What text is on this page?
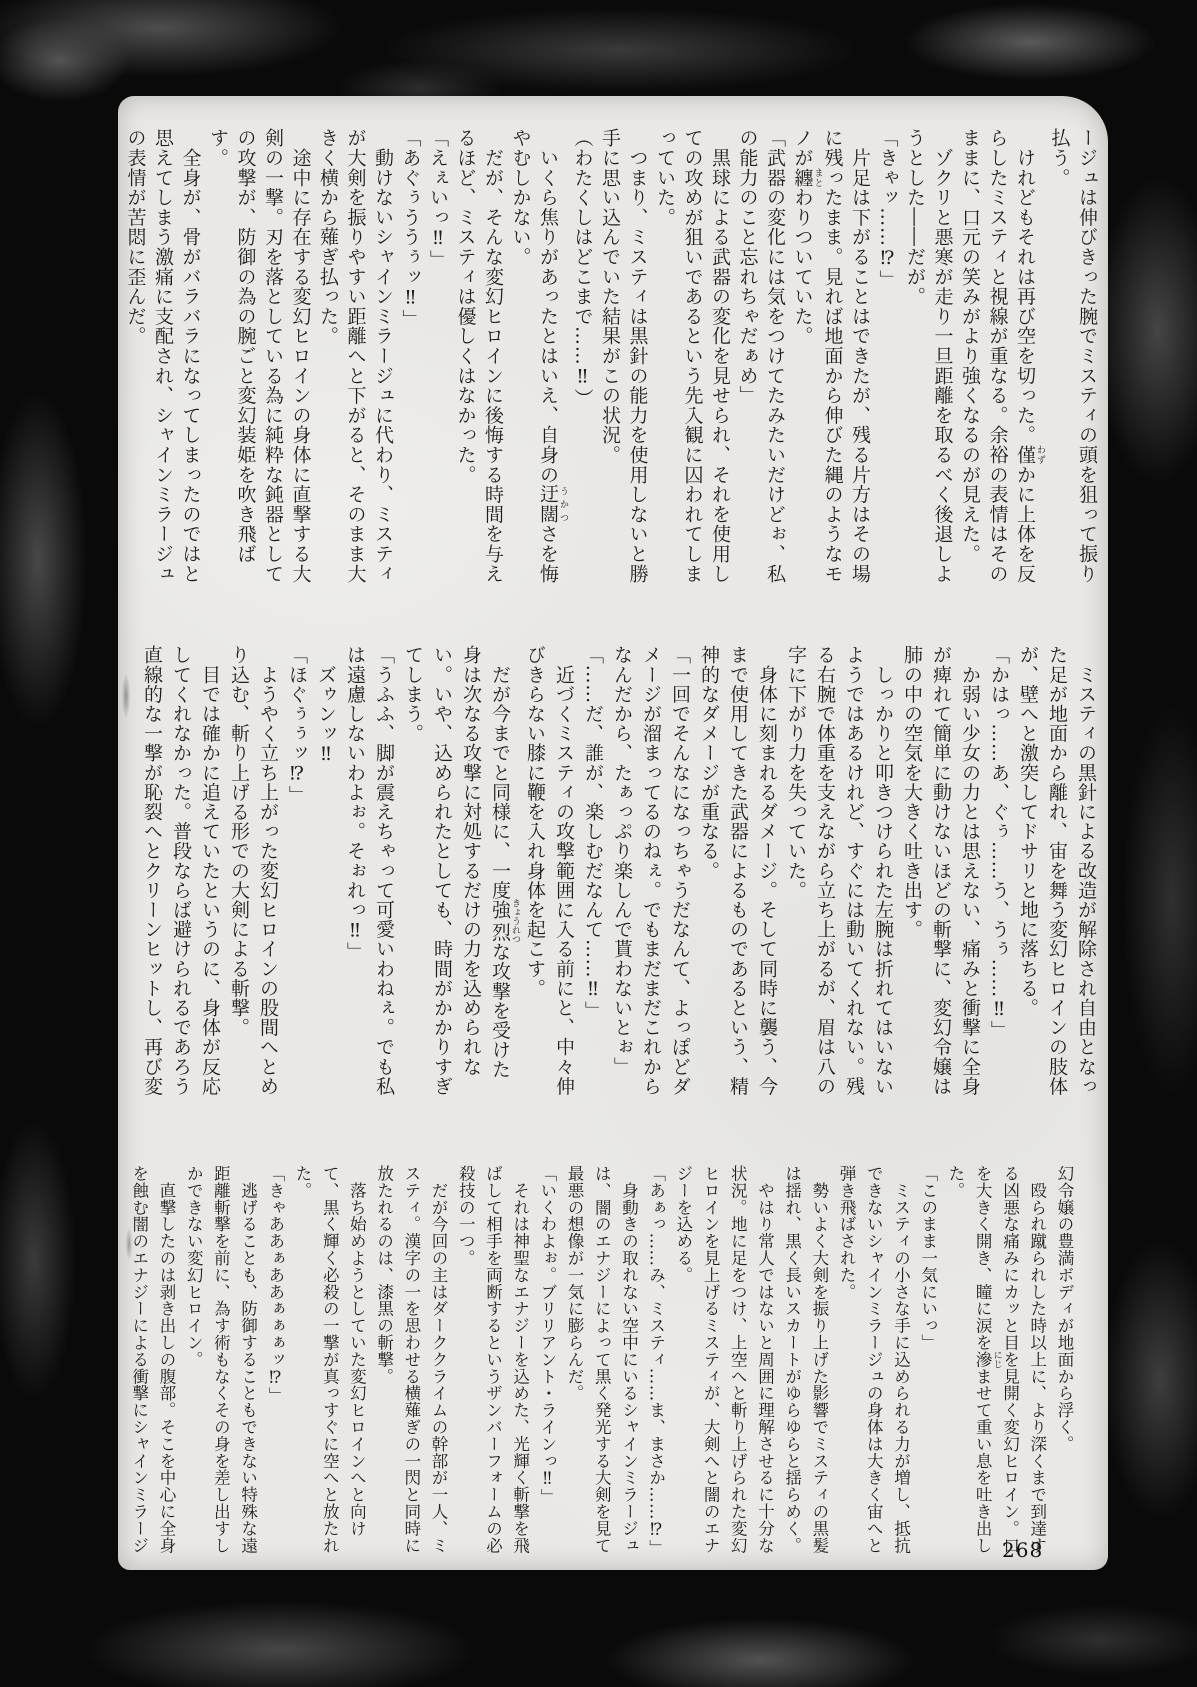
ージュは伸びきった腕でミスティの頭を狙って振り払う。

　けれどもそれは再び空を切った。僅 わずかに上体を反らしたミスティと視線が重なる。余裕の表情はそのままに、口元の笑みがより強くなるのが見えた。

　ゾクリと悪寒が走り一旦距離を取るべく後退しようとした――だが。

「きゃッ……⁉」

　片足は下がることはできたが、残る片方はその場に残ったまま。見れば地面から伸びた縄のようなモノが纏 まとわりついていた。

「武器の変化には気をつけてたみたいだけどぉ、私の能力のこと忘れちゃだぁめ」

　黒球による武器の変化を見せられ、それを使用しての攻めが狙いであるという先入観に囚われてしまっていた。

　つまり、ミスティは黒針の能力を使用しないと勝手に思い込んでいた結果がこの状況。

（わたくしはどこまで……‼）

　いくら焦りがあったとはいえ、自身の迂闊 うかつさを悔やむしかない。

　だが、そんな変幻ヒロインに後悔する時間を与えるほど、ミスティは優しくはなかった。

「えぇいっ‼」

「あぐぅううぅッ‼」

　動けないシャインミラージュに代わり、ミスティが大剣を振りやすい距離へと下がると、そのまま大きく横から薙ぎ払った。

　途中に存在する変幻ヒロインの身体に直撃する大剣の一撃。刃を落としている為に純粋な鈍器としての攻撃が、防御の為の腕ごと変幻装姫を吹き飛ばす。

　全身が、骨がバラバラになってしまったのではと思えてしまう激痛に支配され、シャインミラージュの表情が苦悶に歪んだ。

　ミスティの黒針による改造が解除され自由となった足が地面から離れ、宙を舞う変幻ヒロインの肢体が、壁へと激突してドサリと地に落ちる。

「かはっ……あ、ぐぅ……う、うぅ……‼」

　か弱い少女の力とは思えない、痛みと衝撃に全身が痺れて簡単に動けないほどの斬撃に、変幻令嬢は肺の中の空気を大きく吐き出す。

　しっかりと叩きつけられた左腕は折れてはいないようではあるけれど、すぐには動いてくれない。残る右腕で体重を支えながら立ち上がるが、眉は八の字に下がり力を失っていた。

　身体に刻まれるダメージ。そして同時に襲う、今まで使用してきた武器によるものであるという、精神的なダメージが重なる。

「一回でそんなになっちゃうだなんて、よっぽどダメージが溜まってるのねぇ。でもまだまだこれからなんだから、たぁっぷり楽しんで貰わないとぉ」

「……だ、誰が、楽しむだなんて……‼」

　近づくミスティの攻撃範囲に入る前にと、中々伸びきらない膝に鞭を入れ身体を起こす。

　だが今までと同様に、一度強烈 きょうれつな攻撃を受けた身は次なる攻撃に対処するだけの力を込められない。いや、込められたとしても、時間がかかりすぎてしまう。

「うふふ、脚が震えちゃって可愛いわねぇ。でも私は遠慮しないわよぉ。そぉれっ‼」

　ズゥンッ‼

「ほぐぅぅッ⁉」

　ようやく立ち上がった変幻ヒロインの股間へとめり込む、斬り上げる形での大剣による斬撃。

　目では確かに追えていたというのに、身体が反応してくれなかった。普段ならば避けられるであろう直線的な一撃が恥裂へとクリーンヒットし、再び変

幻令嬢の豊満ボディが地面から浮く。

　殴られ蹴られした時以上に、より深くまで到達する凶悪な痛みにカッと目を見開く変幻ヒロイン。口を大きく開き、瞳に涙を滲 にじませて重い息を吐き出した。

「このまま一気にいっ」

　ミスティの小さな手に込められる力が増し、抵抗できないシャインミラージュの身体は大きく宙へと弾き飛ばされた。

　勢いよく大剣を振り上げた影響でミスティの黒髪は揺れ、黒く長いスカートがゆらゆらと揺らめく。

　やはり常人ではないと周囲に理解させるに十分な状況。地に足をつけ、上空へと斬り上げられた変幻ヒロインを見上げるミスティが、大剣へと闇のエナジーを込める。

「あぁっ……み、ミスティ……ま、まさか……⁉」

　身動きの取れない空中にいるシャインミラージュは、闇のエナジーによって黒く発光する大剣を見て最悪の想像が一気に膨らんだ。

「いくわよぉ。ブリリアント・ラインっ‼」

　それは神聖なエナジーを込めた、光輝く斬撃を飛ばして相手を両断するというザンバーフォームの必殺技の一つ。

　だが今回の主はダーククライムの幹部が一人、ミスティ。漢字の一を思わせる横薙ぎの一閃と同時に放たれるのは、漆黒の斬撃。

　落ち始めようとしていた変幻ヒロインへと向けて、黒く輝く必殺の一撃が真っすぐに空へと放たれた。

「きゃああぁああぁぁぁッ⁉」

　逃げることも、防御することもできない特殊な遠距離斬撃を前に、為す術もなくその身を差し出すしかできない変幻ヒロイン。

　直撃したのは剥き出しの腹部。そこを中心に全身を蝕む闇のエナジーによる衝撃にシャインミラージ	268
